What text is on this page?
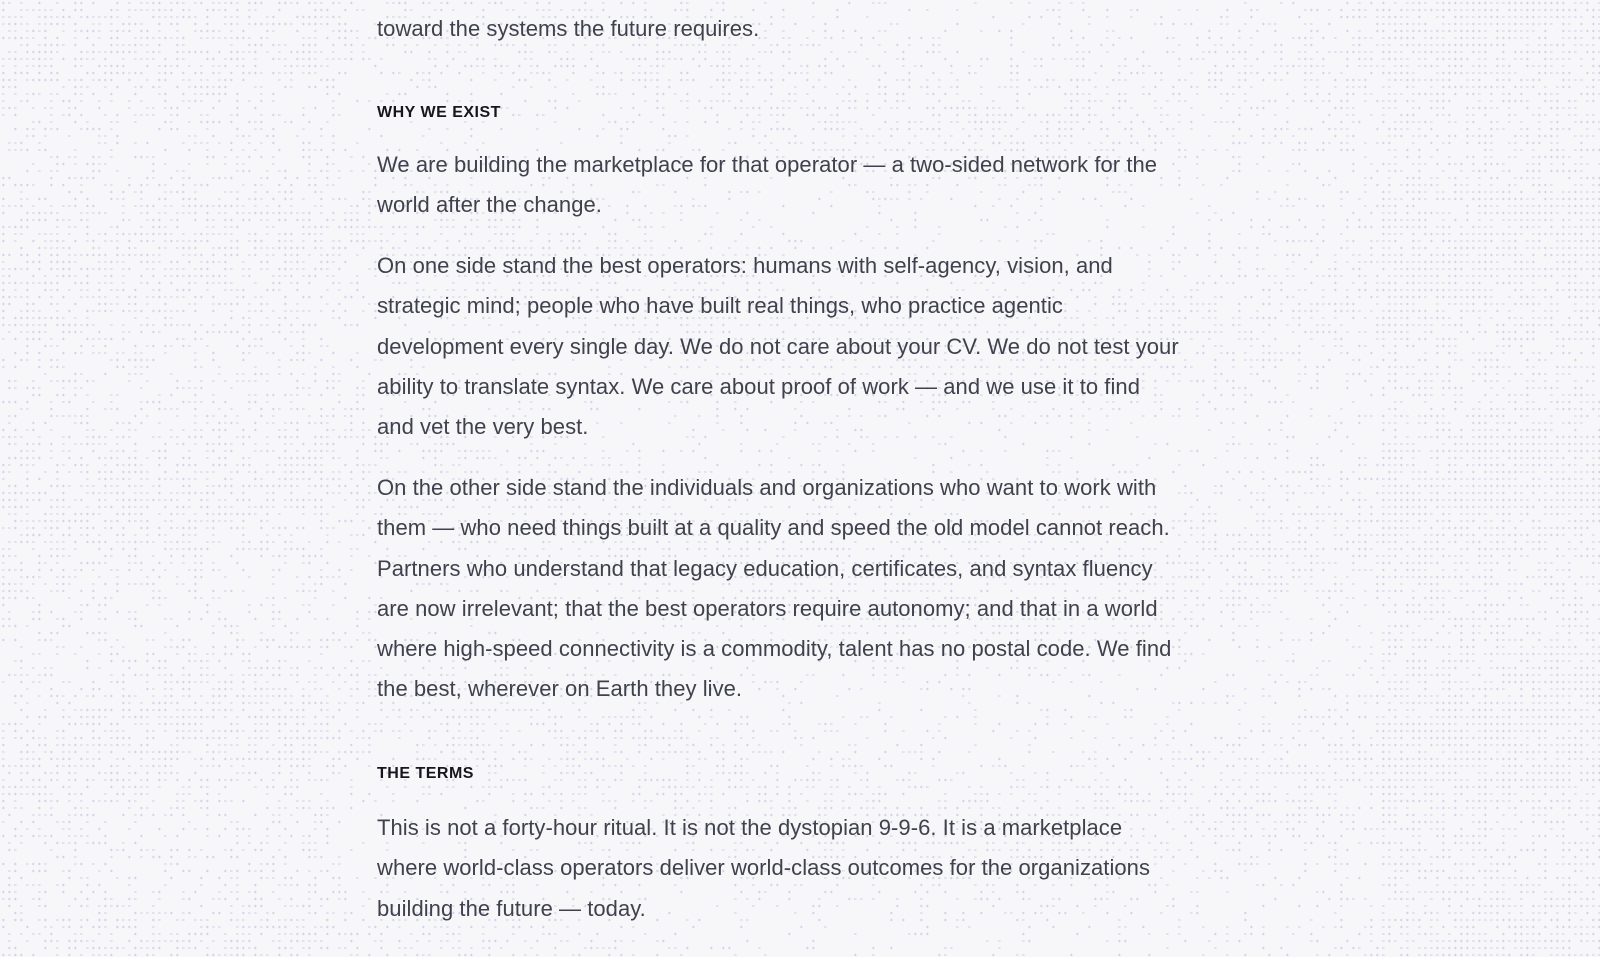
toward the systems the future requires.

WHY WE EXIST

We are building the marketplace for that operator — a two-sided network for the
world after the change.

On one side stand the best operators: humans with self-agency, vision, and
strategic mind; people who have built real things, who practice agentic
development every single day. We do not care about your CV. We do not test your
ability to translate syntax. We care about proof of work — and we use it to find
and vet the very best.

On the other side stand the individuals and organizations who want to work with
them — who need things built at a quality and speed the old model cannot reach.
Partners who understand that legacy education, certificates, and syntax fluency
are now irrelevant; that the best operators require autonomy; and that in a world
where high-speed connectivity is a commodity, talent has no postal code. We find
the best, wherever on Earth they live.

THE TERMS

This is not a forty-hour ritual. It is not the dystopian 9-9-6. It is a marketplace
where world-class operators deliver world-class outcomes for the organizations
building the future — today.
